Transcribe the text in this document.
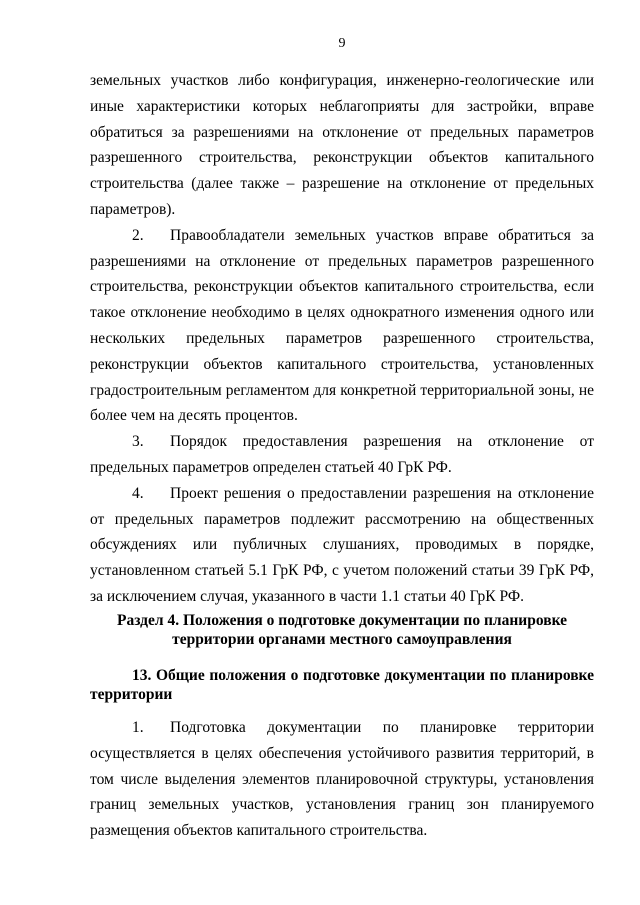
9

земельных участков либо конфигурация, инженерно-геологические или иные характеристики которых неблагоприяты для застройки, вправе обратиться за разрешениями на отклонение от предельных параметров разрешенного строительства, реконструкции объектов капитального строительства (далее также – разрешение на отклонение от предельных параметров).

2. Правообладатели земельных участков вправе обратиться за разрешениями на отклонение от предельных параметров разрешенного строительства, реконструкции объектов капитального строительства, если такое отклонение необходимо в целях однократного изменения одного или нескольких предельных параметров разрешенного строительства, реконструкции объектов капитального строительства, установленных градостроительным регламентом для конкретной территориальной зоны, не более чем на десять процентов.

3. Порядок предоставления разрешения на отклонение от предельных параметров определен статьей 40 ГрК РФ.

4. Проект решения о предоставлении разрешения на отклонение от предельных параметров подлежит рассмотрению на общественных обсуждениях или публичных слушаниях, проводимых в порядке, установленном статьей 5.1 ГрК РФ, с учетом положений статьи 39 ГрК РФ, за исключением случая, указанного в части 1.1 статьи 40 ГрК РФ.

Раздел 4. Положения о подготовке документации по планировке
территории органами местного самоуправления
13. Общие положения о подготовке документации по планировке территории

1. Подготовка документации по планировке территории осуществляется в целях обеспечения устойчивого развития территорий, в том числе выделения элементов планировочной структуры, установления границ земельных участков, установления границ зон планируемого размещения объектов капитального строительства.
